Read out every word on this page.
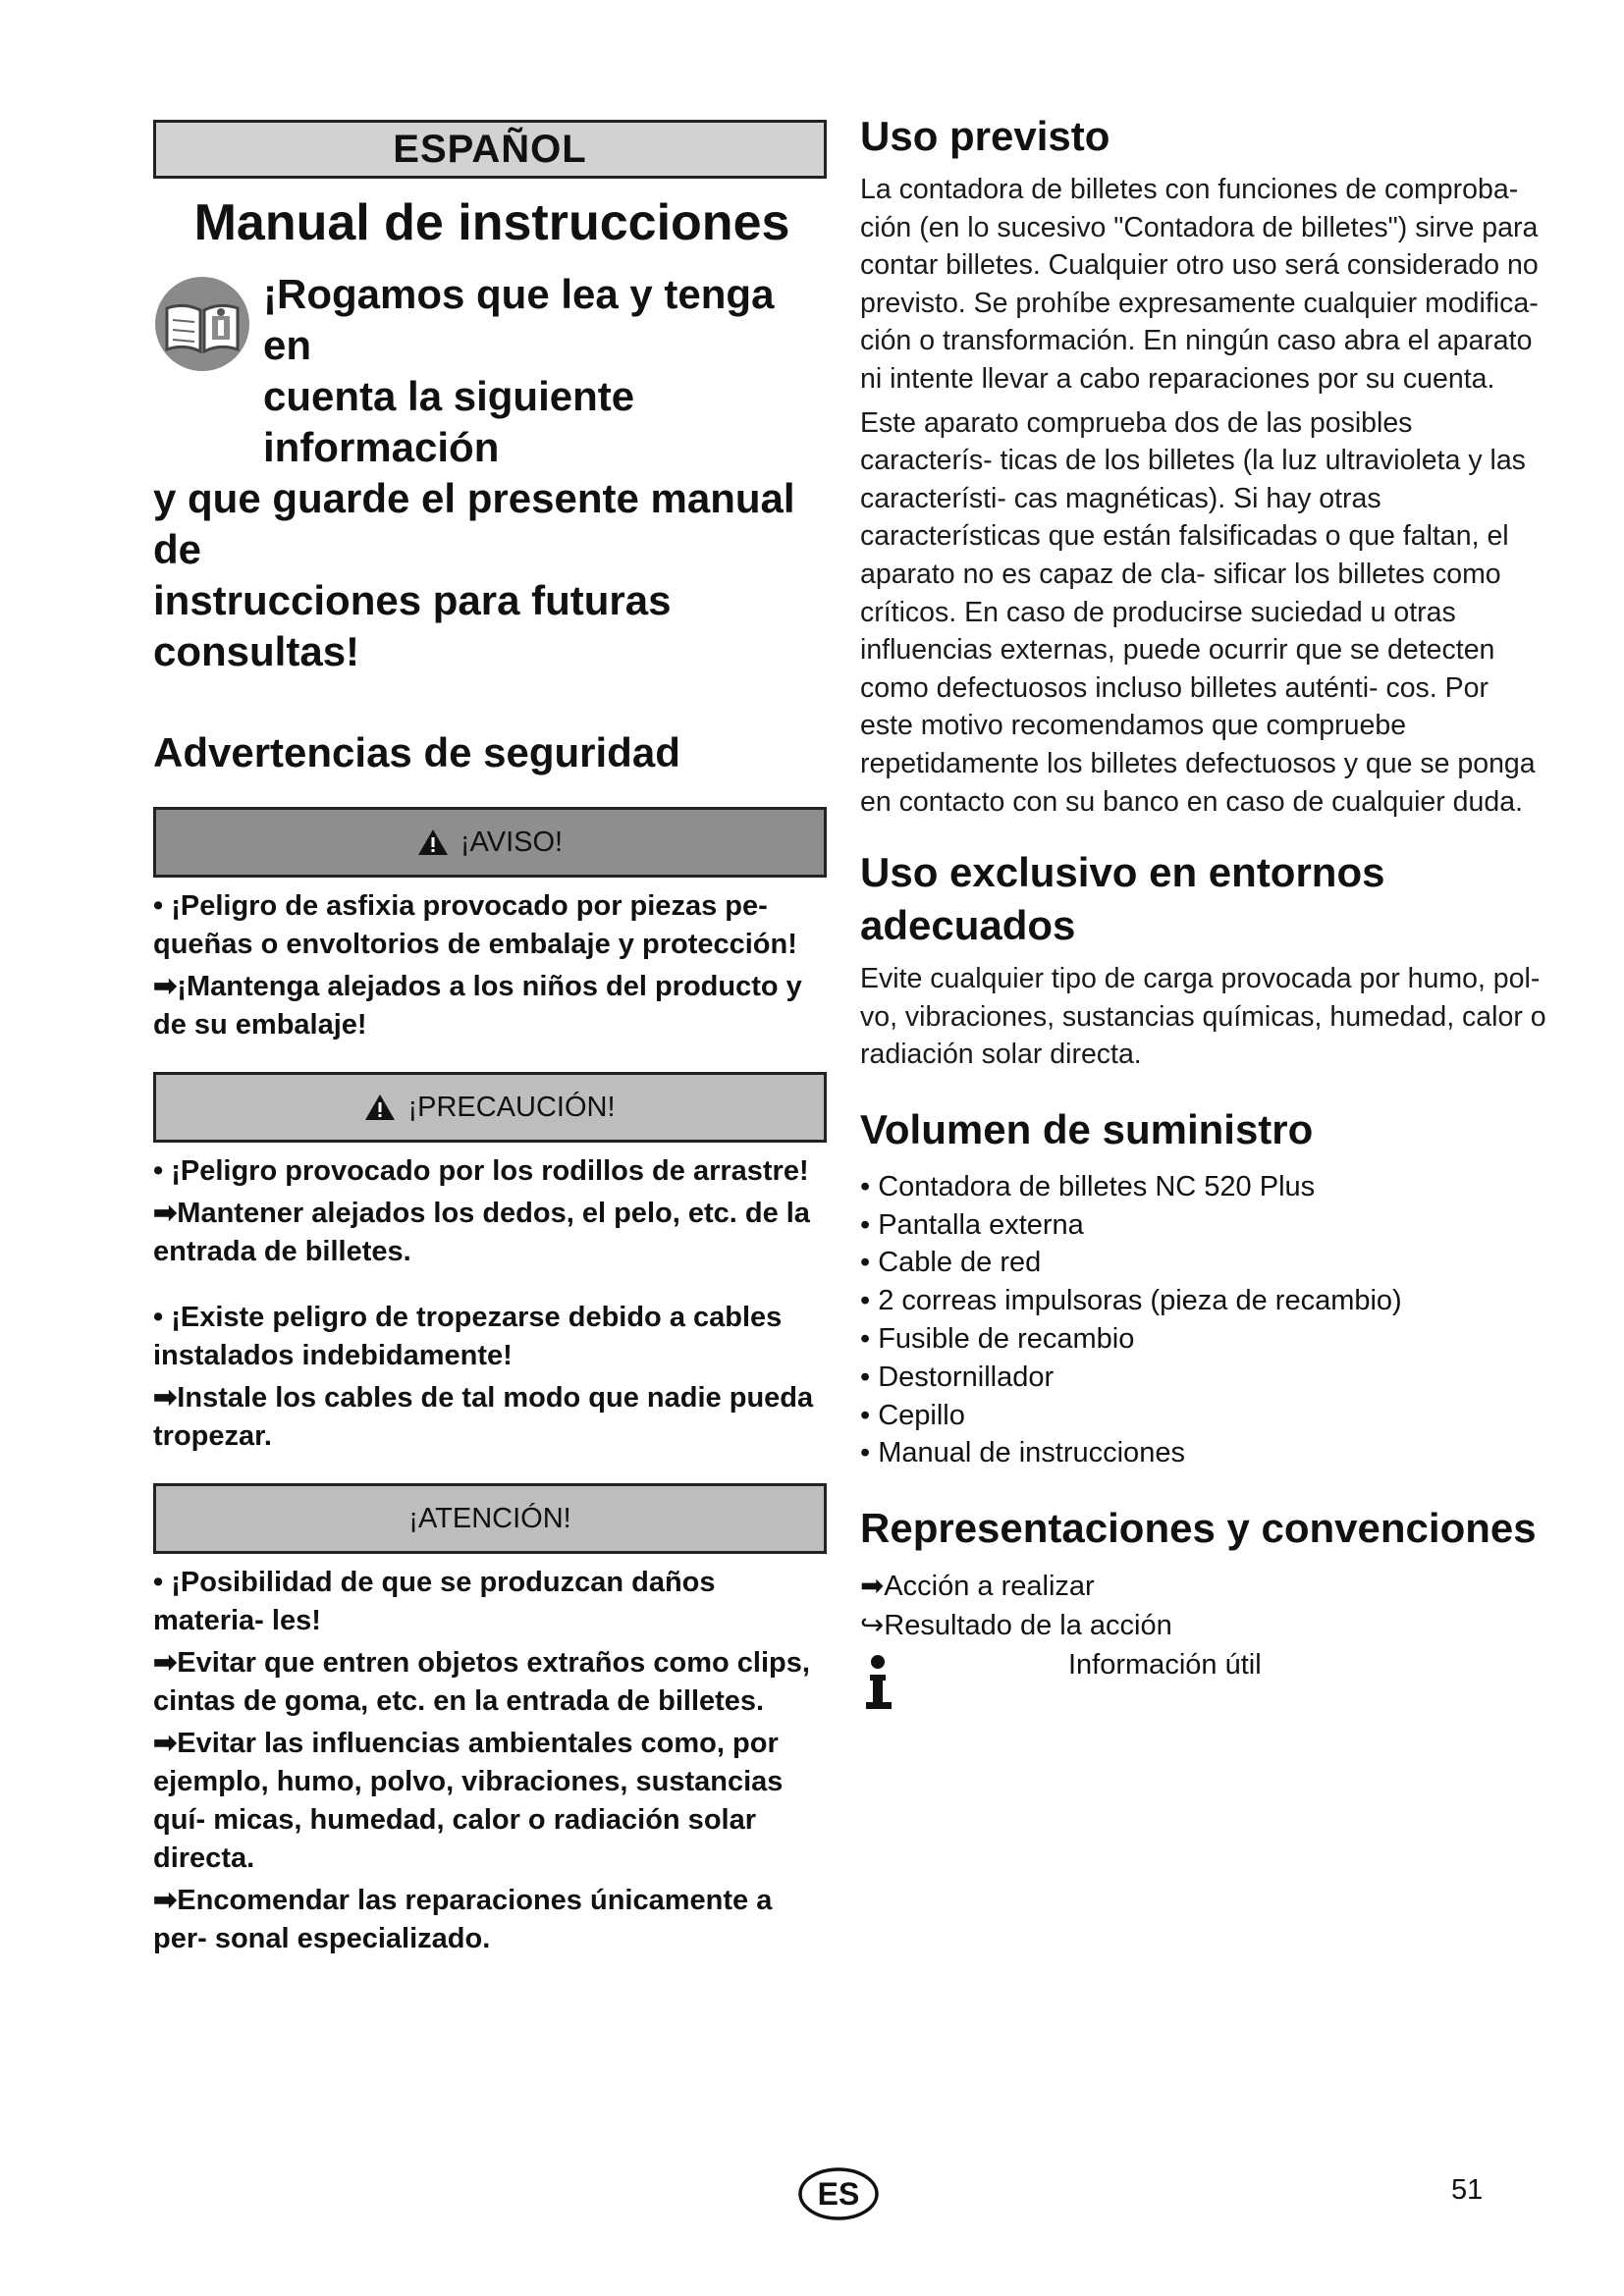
ESPAÑOL
Manual de instrucciones
¡Rogamos que lea y tenga en
cuenta la siguiente información
y que guarde el presente manual de
instrucciones para futuras consultas!
Advertencias de seguridad
¡AVISO!
• ¡Peligro de asfixia provocado por piezas pe- queñas o envoltorios de embalaje y protección!
➡¡Mantenga alejados a los niños del producto y de su embalaje!
¡PRECAUCIÓN!
• ¡Peligro provocado por los rodillos de arrastre!
➡Mantener alejados los dedos, el pelo, etc. de la entrada de billetes.
• ¡Existe peligro de tropezarse debido a cables instalados indebidamente!
➡Instale los cables de tal modo que nadie pueda tropezar.
¡ATENCIÓN!
• ¡Posibilidad de que se produzcan daños materia- les!
➡Evitar que entren objetos extraños como clips, cintas de goma, etc. en la entrada de billetes.
➡Evitar las influencias ambientales como, por ejemplo, humo, polvo, vibraciones, sustancias quí- micas, humedad, calor o radiación solar directa.
➡Encomendar las reparaciones únicamente a per- sonal especializado.
Uso previsto

La contadora de billetes con funciones de comproba- ción (en lo sucesivo "Contadora de billetes") sirve para contar billetes. Cualquier otro uso será considerado no previsto. Se prohíbe expresamente cualquier modifica- ción o transformación. En ningún caso abra el aparato ni intente llevar a cabo reparaciones por su cuenta.

Este aparato comprueba dos de las posibles caracterís- ticas de los billetes (la luz ultravioleta y las característi- cas magnéticas). Si hay otras características que están falsificadas o que faltan, el aparato no es capaz de cla- sificar los billetes como críticos. En caso de producirse suciedad u otras influencias externas, puede ocurrir que se detecten como defectuosos incluso billetes auténti- cos. Por este motivo recomendamos que compruebe repetidamente los billetes defectuosos y que se ponga en contacto con su banco en caso de cualquier duda.

Uso exclusivo en entornos adecuados
Evite cualquier tipo de carga provocada por humo, pol- vo, vibraciones, sustancias químicas, humedad, calor o radiación solar directa.
Volumen de suministro
• Contadora de billetes NC 520 Plus
• Pantalla externa
• Cable de red
• 2 correas impulsoras (pieza de recambio)
• Fusible de recambio
• Destornillador
• Cepillo
• Manual de instrucciones
Representaciones y convenciones
➡Acción a realizar
↪Resultado de la acción
Información útil
ES	51
